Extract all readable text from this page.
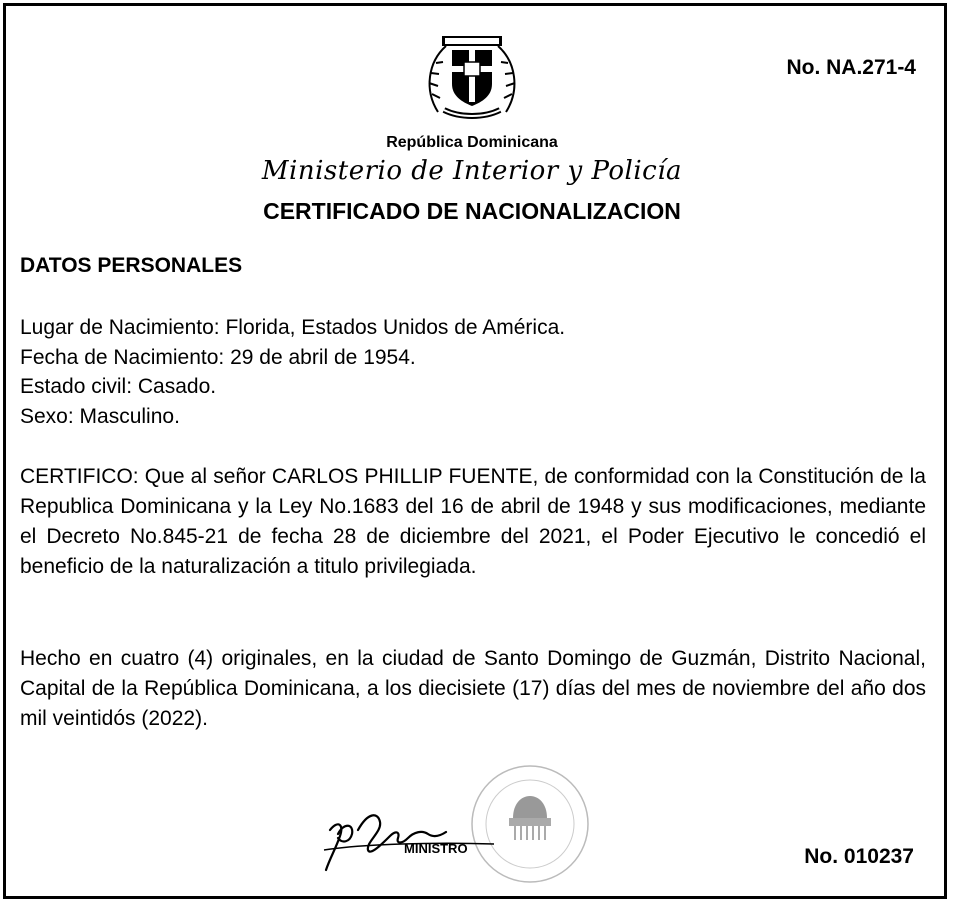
No. NA.271-4
República Dominicana
Ministerio de Interior y Policía
CERTIFICADO DE NACIONALIZACION
DATOS PERSONALES
Lugar de Nacimiento: Florida, Estados Unidos de América.
Fecha de Nacimiento: 29 de abril de 1954.
Estado civil: Casado.
Sexo: Masculino.
CERTIFICO: Que al señor CARLOS PHILLIP FUENTE, de conformidad con la Constitución de la Republica Dominicana y la Ley No.1683 del 16 de abril de 1948 y sus modificaciones, mediante el Decreto No.845-21 de fecha 28 de diciembre del 2021, el Poder Ejecutivo le concedió el beneficio de la naturalización a titulo privilegiada.
Hecho en cuatro (4) originales, en la ciudad de Santo Domingo de Guzmán, Distrito Nacional, Capital de la República Dominicana, a los diecisiete (17) días del mes de noviembre del año dos mil veintidós (2022).
MINISTRO	No. 010237
